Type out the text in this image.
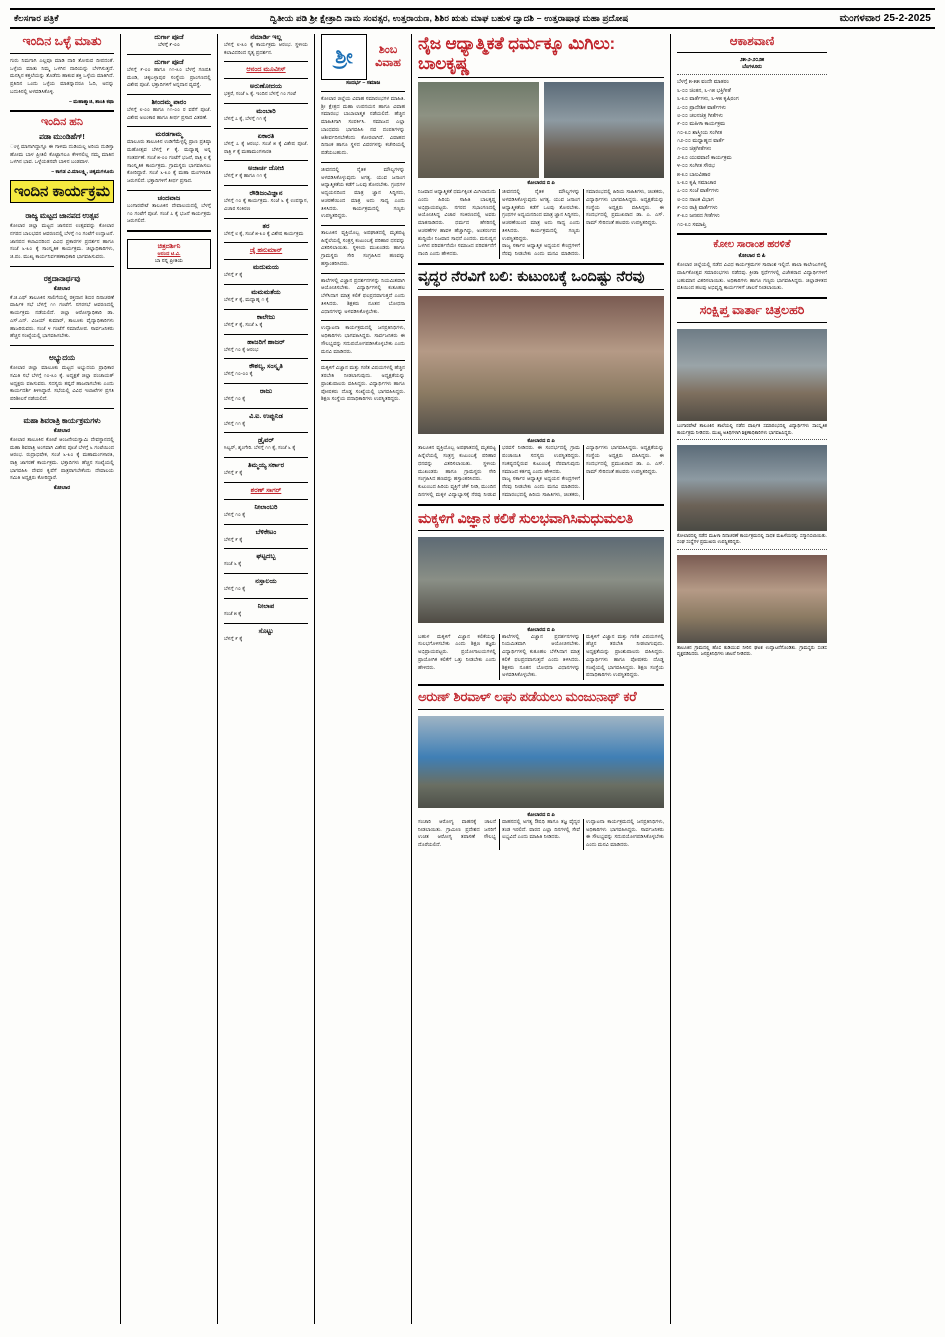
ಕೆಲಸಗಾರ ಪತ್ರಿಕೆ	ದ್ವಿತೀಯ ಪಡಿ ಶ್ರೀ ಕ್ಷೇತ್ರಾದಿ ನಾಮ ಸಂವತ್ಸರ, ಉತ್ತರಾಯಣ, ಶಿಶಿರ ಋತು ಮಾಘ ಬಹುಳ ದ್ವಾದಶಿ – ಉತ್ತರಾಷಾಢ ಮಹಾ ಪ್ರದೋಷ	ಮಂಗಳವಾರ 25-2-2025
ಇಂದಿನ ಒಳ್ಳೆ ಮಾತು
ಗುರು ನಿಮಗಾಗಿ ಎಲ್ಲವೂ ಮಾಡಿ ದಾರಿ ತೋರುವ ದೀಪದಂತೆ. ಒಳ್ಳೆಯ ಮಾತು ನಿಮ್ಮ ಒಳಗಿನ ದಾರಿಯನ್ನು ಬೆಳಗಿಸುತ್ತದೆ. ಮನಸ್ಸಿನ ಕತ್ತಲೆಯನ್ನು ತೊಡೆದು ಹಾಕುವ ಶಕ್ತಿ ಒಳ್ಳೆಯ ಮಾತಿಗಿದೆ. ಪ್ರತಿದಿನ ಒಂದು ಒಳ್ಳೆಯ ಮಾತನ್ನಾದರೂ ಓದಿ, ಅದನ್ನು ಬದುಕಿನಲ್ಲಿ ಅಳವಡಿಸಿಕೊಳ್ಳಿ.
– ಮಹಾತ್ಮಾಜಿ, ಶಾಂತಿ ಕಥಾ
ಇಂದಿನ ಹನಿ
ಪಡಾ ಮುಂಡಿಹೆಗ್!
ಂಳ್ಳ ಮಾಗಾಗಿದ್ದಾಗ್ಲೂ ಈ ಗಾಳಿಮ ದುಡಿಯಲ್ಲ ಅರಿಯ ದುಡಿಸ್ತಾ ಹೋಮ ಬಾಳ ಪ್ರೀತಿಲಿ ಕೊಟ್ಟಾಗಲೂ ಕೇಳಿಸಲಿಲ್ಲ ನಮ್ಮ ಮಾತಿನ ಒಳಗಿನ ಭಾವ. ಒಳ್ಳೆಯತನವೇ ಬಾಳಿನ ಬಂಡವಾಳ.
– ಕಾಗಡ ವಿ.ಮಾಲಕ್ಷ್ಮಿ, ಚಿಕ್ಕಮಗಳೂರು
ಇಂದಿನ ಕಾರ್ಯಕ್ರಮ
ರಾಜ್ಯ ಮಟ್ಟದ ಜಾನಪದ ಉತ್ಸವ
ಕೋಲಾರ ಜಿಲ್ಲಾ ಮಟ್ಟದ ಜಾನಪದ ಉತ್ಸವವನ್ನು ಕೋಲಾರ ನಗರದ ಬಾಲಭವನ ಆವರಣದಲ್ಲಿ ಬೆಳಗ್ಗೆ ೧೦ ಗಂಟೆಗೆ ಉದ್ಘಾಟನೆ. ಜಾನಪದ ಕಲಾವಿದರಿಂದ ವಿವಿಧ ಪ್ರಕಾರಗಳ ಪ್ರದರ್ಶನ ಹಾಗೂ ಸಂಜೆ ೬-೩೦ ಕ್ಕೆ ಸಾಂಸ್ಕೃತಿಕ ಕಾರ್ಯಕ್ರಮ. ಜಿಲ್ಲಾಧಿಕಾರಿಗಳು, ಜಿ.ಪಂ. ಮುಖ್ಯ ಕಾರ್ಯನಿರ್ವಹಣಾಧಿಕಾರಿ ಭಾಗವಹಿಸುವರು.
ರಕ್ತದಾನಾರ್ಥವು
ಕೋಲಾರ
ಕೆ.ಜಿ.ಎಫ್ ತಾಲೂಕಿನ ಸಾಲಿಗೆಯಲ್ಲಿ ರಕ್ತದಾನ ಶಿಬಿರ ದಿನಾಚರಣೆ ವಾರ್ಷಿಕ ಸಭೆ ಬೆಳಗ್ಗೆ ೧೧ ಗಂಟೆಗೆ. ನಗರಸಭೆ ಆವರಣದಲ್ಲಿ ಕಾರ್ಯಕ್ರಮ ನಡೆಯಲಿದೆ. ಜಿಲ್ಲಾ ಆರೋಗ್ಯಾಧಿಕಾರಿ ಡಾ. ಎಸ್.ಎನ್. ವಿಜಯ್ ಕುಮಾರ್, ತಾಲೂಕು ವೈದ್ಯಾಧಿಕಾರಿಗಳು ಹಾಜರಿರುವರು. ಸಂಜೆ ೪ ಗಂಟೆಗೆ ಸಮಾರೋಪ. ಸಾರ್ವಜನಿಕರು ಹೆಚ್ಚಿನ ಸಂಖ್ಯೆಯಲ್ಲಿ ಭಾಗವಹಿಸಬೇಕು.
ಅಭ್ಯುದಯ
ಕೋಲಾರ ಜಿಲ್ಲಾ ಮಾಲೂಕು ಮಟ್ಟದ ಅಭ್ಯುದಯ ಪ್ರಾಧಿಕಾರ ಸಮಿತಿ ಸಭೆ ಬೆಳಗ್ಗೆ ೧೦-೩೦ ಕ್ಕೆ. ಅಧ್ಯಕ್ಷತೆ ಜಿಲ್ಲಾ ಪಂಚಾಯತ್ ಅಧ್ಯಕ್ಷರು ವಹಿಸುವರು. ಸದಸ್ಯರು ತಪ್ಪದೆ ಹಾಜರಾಗಬೇಕು ಎಂದು ಕಾರ್ಯದರ್ಶಿ ತಿಳಿಸಿದ್ದಾರೆ. ಸಭೆಯಲ್ಲಿ ವಿವಿಧ ಇಲಾಖೆಗಳ ಪ್ರಗತಿ ಪರಿಶೀಲನೆ ನಡೆಯಲಿದೆ.
ಮಹಾ ಶಿವರಾತ್ರಿ ಕಾರ್ಯಕ್ರಮಗಳು
ಕೋಲಾರ
ಕೋಲಾರ ತಾಲೂಕಿನ ಕೋಟೆ ಆಂಜನೇಯಸ್ವಾಮಿ ದೇವಸ್ಥಾನದಲ್ಲಿ ಮಹಾ ಶಿವರಾತ್ರಿ ಅಂಗವಾಗಿ ವಿಶೇಷ ಪೂಜೆ ಬೆಳಗ್ಗೆ ೬ ಗಂಟೆಯಿಂದ ಆರಂಭ. ರುದ್ರಾಭಿಷೇಕ, ಸಂಜೆ ೬-೩೦ ಕ್ಕೆ ಮಹಾಮಂಗಳಾರತಿ, ರಾತ್ರಿ ಜಾಗರಣೆ ಕಾರ್ಯಕ್ರಮ. ಭಕ್ತಾದಿಗಳು ಹೆಚ್ಚಿನ ಸಂಖ್ಯೆಯಲ್ಲಿ ಭಾಗವಹಿಸಿ ದೇವರ ಕೃಪೆಗೆ ಪಾತ್ರರಾಗಬೇಕೆಂದು ದೇವಾಲಯ ಸಮಿತಿ ಅಧ್ಯಕ್ಷರು ಕೋರಿದ್ದಾರೆ.
ಕೋಲಾರ
ದುರ್ಗಾ ಪೂಜೆ
ಬೆಳಗ್ಗೆ ೯-೦೦
ದುರ್ಗಾ ಪೂಜೆ
ಬೆಳಗ್ಗೆ ೯-೦೦ ಹಾಗೂ ೧೧-೩೦ ಬೆಳಗ್ಗೆ ಗಣಪತಿ ಮಂಡಿ, ಚಿಕ್ಕಬಳ್ಳಾಪುರ ಸಂಸ್ಥೆಯ ಪ್ರಾಂಗಣದಲ್ಲಿ ವಿಶೇಷ ಪೂಜೆ. ಭಕ್ತಾದಿಗಳಿಗೆ ಅನ್ನದಾನ ವ್ಯವಸ್ಥೆ.
ಶೀಂದಮ್ಮ ಪಾರಂ
ಬೆಳಗ್ಗೆ ೮-೦೦ ಹಾಗೂ ೧೧-೦೦ ರ ವರೆಗೆ ಪೂಜೆ. ವಿಶೇಷ ಅಲಂಕಾರ ಹಾಗೂ ತೀರ್ಥ ಪ್ರಸಾದ ವಿತರಣೆ.
ಮರಡಗಾಮ್ಮ
ಮಾಲೂರು ತಾಲೂಕಿನ ಉಡಿಗೆಮೆಳ್ಳಲ್ಲಿ ಪ್ರಾಣ ಪ್ರತಿಷ್ಠಾ ಮಹೋತ್ಸವ ಬೆಳಗ್ಗೆ ೯ ಕ್ಕೆ. ಮಧ್ಯಾಹ್ನ ಅನ್ನ ಸಂತರ್ಪಣೆ. ಸಂಜೆ ೫-೦೦ ಗಂಟೆಗೆ ಭಜನೆ, ರಾತ್ರಿ ೮ ಕ್ಕೆ ಸಾಂಸ್ಕೃತಿಕ ಕಾರ್ಯಕ್ರಮ. ಗ್ರಾಮಸ್ಥರು ಭಾಗವಹಿಸಲು ಕೋರಿದ್ದಾರೆ. ಸಂಜೆ ೬-೩೦ ಕ್ಕೆ ಮಹಾ ಮಂಗಳಾರತಿ ಜರುಗಲಿದೆ. ಭಕ್ತಾದಿಗಳಿಗೆ ತೀರ್ಥ ಪ್ರಸಾದ.
ಚಂದವಾಜ
ಬಂಗಾರಪೇಟೆ ತಾಲೂಕಿನ ದೇವಾಲಯದಲ್ಲಿ ಬೆಳಗ್ಗೆ ೧೦ ಗಂಟೆಗೆ ಪೂಜೆ. ಸಂಜೆ ೭ ಕ್ಕೆ ಭಜನೆ ಕಾರ್ಯಕ್ರಮ ಜರುಗಲಿದೆ.
ಚಿತ್ರದರ್ಶಿನಿ
ಆನಂದ ಟಿ.ವಿ.
ಬಾ ನನ್ನ ಪ್ರೀತಿಯ
ನೆಮಾರ್ಡಿ ಇಲ್ಲ
ಬೆಳಗ್ಗೆ ೮-೩೦ ಕ್ಕೆ ಕಾರ್ಯಕ್ರಮ ಆರಂಭ. ಸ್ಥಳೀಯ ಕಲಾವಿದರಿಂದ ನೃತ್ಯ ಪ್ರದರ್ಶನ.
ಆನಂದ ಮೂವೀಸ್
ಅರುಣೋದಯ
ಭಕ್ತರೆ, ಸಂಜೆ ೬ ಕ್ಕೆ. ಇಂದಿನ ಬೆಳಗ್ಗೆ ೧೦ ಗಂಟೆ
ಮಂಬಾರಿ
ಬೆಳಗ್ಗೆ ೭ ಕ್ಕೆ, ಬೆಳಗ್ಗೆ ೧೧ ಕ್ಕೆ
ಏಕಾರತಿ
ಬೆಳಗ್ಗೆ ೭ ಕ್ಕೆ ಆರಂಭ. ಸಂಜೆ ೫ ಕ್ಕೆ ವಿಶೇಷ ಪೂಜೆ. ರಾತ್ರಿ ೯ ಕ್ಕೆ ಮಹಾಮಂಗಳಾರತಿ
ಅಜಾರ್ಚ ಜೋಜಿ
ಬೆಳಗ್ಗೆ ೯ ಕ್ಕೆ ಹಾಗೂ ೧೧ ಕ್ಕೆ
ರೌಡಿಜಂವಿಜ್ಞಾನ
ಬೆಳಗ್ಗೆ ೧೦ ಕ್ಕೆ ಕಾರ್ಯಕ್ರಮ. ಸಂಜೆ ೬ ಕ್ಕೆ ಉಪನ್ಯಾಸ, ವಿಚಾರ ಸಂಕಿರಣ
ತರ
ಬೆಳಗ್ಗೆ ೮ ಕ್ಕೆ, ಸಂಜೆ ೫-೩೦ ಕ್ಕೆ ವಿಶೇಷ ಕಾರ್ಯಕ್ರಮ
ಜೈ ಹನುಮಾನ್
ಮದುಮಯ
ಬೆಳಗ್ಗೆ ೯ ಕ್ಕೆ
ಮಮಮತೆಯ
ಬೆಳಗ್ಗೆ ೯ ಕ್ಕೆ, ಮಧ್ಯಾಹ್ನ ೧ ಕ್ಕೆ
ಕಾಲೇಜು
ಬೆಳಗ್ಗೆ ೯ ಕ್ಕೆ, ಸಂಜೆ ೬ ಕ್ಕೆ
ಹಾಜರಿಗೆ ಹಾಜರ್
ಬೆಳಗ್ಗೆ ೧೦ ಕ್ಕೆ ಆರಂಭ
ಕೌಶಲ್ಯ, ಸಂಸ್ಕೃತಿ
ಬೆಳಗ್ಗೆ ೧೦-೦೦ ಕ್ಕೆ
ರಾಜು
ಬೆಳಗ್ಗೆ ೧೦ ಕ್ಕೆ
ವಿ.ಐ. ಉಪ್ಪುನಿಡ
ಬೆಳಗ್ಗೆ ೧೧ ಕ್ಕೆ
ಡ್ರೈವರ್
ಸಿಲ್ವರ್, ಶೃಂಗೇರಿ. ಬೆಳಗ್ಗೆ ೧೧ ಕ್ಕೆ, ಸಂಜೆ ೬ ಕ್ಕೆ
ತಿಮ್ಮಯ್ಯ ಸರ್ಕಾರ
ಬೆಳಗ್ಗೆ ೯ ಕ್ಕೆ
ಶರಣ್ ಸಾಗರ್
ನೀಲಾಂಬರಿ
ಬೆಳಗ್ಗೆ ೧೦ ಕ್ಕೆ
ಬೆಳಿಕೇಟಂ
ಬೆಳಗ್ಗೆ ೯ ಕ್ಕೆ
ಘಟ್ಟದಬ್ಬ
ಸಂಜೆ ೬ ಕ್ಕೆ
ನಸ್ತಾಲಯ
ಬೆಳಗ್ಗೆ ೧೦ ಕ್ಕೆ
ನೀಲಾಪ
ಸಂಜೆ ೫ ಕ್ಕೆ
ಸೊಟ್ಟು
ಬೆಳಗ್ಗೆ ೯ ಕ್ಕೆ
ಶ್ರೀ	ಶಿಂಬ ವಿವಾಹ
ಸಂದರ್ಭ – ಸಮಾಜ
ಕೋಲಾರ ಜಿಲ್ಲೆಯ ವಿವಾಹ ಸಮಾರಂಭಗಳ ಮಾಹಿತಿ. ಶ್ರೀ ಕ್ಷೇತ್ರದ ಮಹಾ ಉಪನಯನ ಹಾಗೂ ವಿವಾಹ ಸಮಾರಂಭ ಬಾಬಾಲಾತ್ಮಕ ನಡೆಯಲಿದೆ. ಹೆಚ್ಚಿನ ಮಾಹಿತಿಗಾಗಿ ಸಂಪರ್ಕಿಸಿ. ಸಮಾಜದ ಎಲ್ಲಾ ಬಾಂಧವರು ಭಾಗವಹಿಸಿ ನವ ದಂಪತಿಗಳನ್ನು ಆಶೀರ್ವದಿಸಬೇಕೆಂದು ಕೋರಲಾಗಿದೆ. ವಿವಾಹದ ದಿನಾಂಕ ಹಾಗೂ ಸ್ಥಳದ ವಿವರಗಳನ್ನು ಕಚೇರಿಯಲ್ಲಿ ಪಡೆಯಬಹುದು.
ಜೀವನದಲ್ಲಿ ನೈತಿಕ ಮೌಲ್ಯಗಳನ್ನು ಅಳವಡಿಸಿಕೊಳ್ಳುವುದು ಅಗತ್ಯ. ಯುವ ಜನಾಂಗ ಆಧ್ಯಾತ್ಮಿಕತೆಯ ಕಡೆಗೆ ಒಲವು ತೋರಬೇಕು. ಗ್ರಂಥಗಳ ಅಧ್ಯಯನದಿಂದ ಮಾತ್ರ ಜ್ಞಾನ ಸಿದ್ಧಿಸದು, ಆಚರಣೆಯಿಂದ ಮಾತ್ರ ಅದು ಸಾಧ್ಯ ಎಂದು ತಿಳಿಸಿದರು. ಕಾರ್ಯಕ್ರಮದಲ್ಲಿ ಗಣ್ಯರು ಉಪಸ್ಥಿತರಿದ್ದರು.
ತಾಲೂಕಿನ ವ್ಯಕ್ತಿಯೊಬ್ಬ ಅಪಘಾತದಲ್ಲಿ ಮೃತಪಟ್ಟ ಹಿನ್ನೆಲೆಯಲ್ಲಿ ಸಂತ್ರಸ್ತ ಕುಟುಂಬಕ್ಕೆ ಪರಿಹಾರ ಧನವನ್ನು ವಿತರಿಸಲಾಯಿತು. ಸ್ಥಳೀಯ ಮುಖಂಡರು ಹಾಗೂ ಗ್ರಾಮಸ್ಥರು ಸೇರಿ ಸಂಗ್ರಹಿಸಿದ ಹಣವನ್ನು ಹಸ್ತಾಂತರಿಸಿದರು.
ಶಾಲೆಗಳಲ್ಲಿ ವಿಜ್ಞಾನ ಪ್ರದರ್ಶನಗಳನ್ನು ನಿಯಮಿತವಾಗಿ ಆಯೋಜಿಸಬೇಕು. ವಿದ್ಯಾರ್ಥಿಗಳಲ್ಲಿ ಕುತೂಹಲ ಬೆಳೆಸಿದಾಗ ಮಾತ್ರ ಕಲಿಕೆ ಫಲಪ್ರದವಾಗುತ್ತದೆ ಎಂದು ತಿಳಿಸಿದರು. ಶಿಕ್ಷಕರು ನೂತನ ಬೋಧನಾ ವಿಧಾನಗಳನ್ನು ಅಳವಡಿಸಿಕೊಳ್ಳಬೇಕು.
ಉದ್ಘಾಟನಾ ಕಾರ್ಯಕ್ರಮದಲ್ಲಿ ಜನಪ್ರತಿನಿಧಿಗಳು, ಅಧಿಕಾರಿಗಳು ಭಾಗವಹಿಸಿದ್ದರು. ಸಾರ್ವಜನಿಕರು ಈ ಸೌಲಭ್ಯವನ್ನು ಸದುಪಯೋಗಪಡಿಸಿಕೊಳ್ಳಬೇಕು ಎಂದು ಮನವಿ ಮಾಡಿದರು.
ಮಕ್ಕಳಿಗೆ ವಿಜ್ಞಾನ ಮತ್ತು ಗಣಿತ ವಿಷಯಗಳಲ್ಲಿ ಹೆಚ್ಚಿನ ತರಬೇತಿ ನೀಡಲಾಗುವುದು. ಅಧ್ಯಕ್ಷತೆಯನ್ನು ಪ್ರಾಂಶುಪಾಲರು ವಹಿಸಿದ್ದರು. ವಿದ್ಯಾರ್ಥಿಗಳು ಹಾಗೂ ಪೋಷಕರು ದೊಡ್ಡ ಸಂಖ್ಯೆಯಲ್ಲಿ ಭಾಗವಹಿಸಿದ್ದರು. ಶಿಕ್ಷಣ ಸಂಸ್ಥೆಯ ಪದಾಧಿಕಾರಿಗಳು ಉಪಸ್ಥಿತರಿದ್ದರು.
ನೈಜ ಆಧ್ಯಾತ್ಮಿಕತೆ ಧರ್ಮಕ್ಕೂ ಮಿಗಿಲು: ಬಾಲಕೃಷ್ಣ
ಕೋಲಾರದ ಬಿ ಪಿ
ನಿಜವಾದ ಆಧ್ಯಾತ್ಮಿಕತೆ ಧರ್ಮಕ್ಕಿಂತ ಮಿಗಿಲಾದುದು ಎಂದು ಹಿರಿಯ ಸಾಹಿತಿ ಬಾಲಕೃಷ್ಣ ಅಭಿಪ್ರಾಯಪಟ್ಟರು. ನಗರದ ಸಭಾಂಗಣದಲ್ಲಿ ಆಯೋಜಿಸಿದ್ದ ವಿಚಾರ ಸಂಕಿರಣದಲ್ಲಿ ಅವರು ಮಾತನಾಡಿದರು. ಧರ್ಮದ ಹೆಸರಿನಲ್ಲಿ ಆಚರಣೆಗಳ ಹಾವಳಿ ಹೆಚ್ಚಾಗಿದ್ದು, ಅಂತರಂಗದ ಶುದ್ಧಿಯೇ ನಿಜವಾದ ಸಾಧನೆ ಎಂದರು. ಮನುಷ್ಯನ ಒಳಗಿನ ಪರಿವರ್ತನೆಯೇ ಸಮಾಜದ ಪರಿವರ್ತನೆಗೆ ನಾಂದಿ ಎಂದು ಹೇಳಿದರು.
ಜೀವನದಲ್ಲಿ ನೈತಿಕ ಮೌಲ್ಯಗಳನ್ನು ಅಳವಡಿಸಿಕೊಳ್ಳುವುದು ಅಗತ್ಯ. ಯುವ ಜನಾಂಗ ಆಧ್ಯಾತ್ಮಿಕತೆಯ ಕಡೆಗೆ ಒಲವು ತೋರಬೇಕು. ಗ್ರಂಥಗಳ ಅಧ್ಯಯನದಿಂದ ಮಾತ್ರ ಜ್ಞಾನ ಸಿದ್ಧಿಸದು, ಆಚರಣೆಯಿಂದ ಮಾತ್ರ ಅದು ಸಾಧ್ಯ ಎಂದು ತಿಳಿಸಿದರು. ಕಾರ್ಯಕ್ರಮದಲ್ಲಿ ಗಣ್ಯರು ಉಪಸ್ಥಿತರಿದ್ದರು.
ರಾಜ್ಯ ಸರ್ಕಾರ ಆಧ್ಯಾತ್ಮಿಕ ಅಧ್ಯಯನ ಕೇಂದ್ರಗಳಿಗೆ ನೆರವು ನೀಡಬೇಕು ಎಂದು ಮನವಿ ಮಾಡಿದರು. ಸಮಾರಂಭದಲ್ಲಿ ಹಿರಿಯ ಸಾಹಿತಿಗಳು, ಚಿಂತಕರು, ವಿದ್ಯಾರ್ಥಿಗಳು ಭಾಗವಹಿಸಿದ್ದರು. ಅಧ್ಯಕ್ಷತೆಯನ್ನು ಸಂಸ್ಥೆಯ ಅಧ್ಯಕ್ಷರು ವಹಿಸಿದ್ದರು. ಈ ಸಂದರ್ಭದಲ್ಲಿ ಪ್ರಮುಖರಾದ ಡಾ. ಎ. ಎಸ್. ರಾಮ್ ಸೇರಿದಂತೆ ಹಲವರು ಉಪಸ್ಥಿತರಿದ್ದರು.
ವೃದ್ಧರ ನೆರವಿಗೆ ಬಲಿ: ಕುಟುಂಬಕ್ಕೆ ಒಂದಿಷ್ಟು ನೆರವು
ಕೋಲಾರದ ಬಿ ಪಿ
ತಾಲೂಕಿನ ವ್ಯಕ್ತಿಯೊಬ್ಬ ಅಪಘಾತದಲ್ಲಿ ಮೃತಪಟ್ಟ ಹಿನ್ನೆಲೆಯಲ್ಲಿ ಸಂತ್ರಸ್ತ ಕುಟುಂಬಕ್ಕೆ ಪರಿಹಾರ ಧನವನ್ನು ವಿತರಿಸಲಾಯಿತು. ಸ್ಥಳೀಯ ಮುಖಂಡರು ಹಾಗೂ ಗ್ರಾಮಸ್ಥರು ಸೇರಿ ಸಂಗ್ರಹಿಸಿದ ಹಣವನ್ನು ಹಸ್ತಾಂತರಿಸಿದರು.
ಕುಟುಂಬದ ಹಿರಿಯ ವ್ಯಕ್ತಿಗೆ ಚೆಕ್ ನೀಡಿ, ಮುಂದಿನ ದಿನಗಳಲ್ಲಿ ಮಕ್ಕಳ ವಿದ್ಯಾಭ್ಯಾಸಕ್ಕೆ ನೆರವು ನೀಡುವ ಭರವಸೆ ನೀಡಿದರು. ಈ ಸಂದರ್ಭದಲ್ಲಿ ಗ್ರಾಮ ಪಂಚಾಯಿತಿ ಸದಸ್ಯರು ಉಪಸ್ಥಿತರಿದ್ದರು. ಸಂಕಷ್ಟದಲ್ಲಿರುವ ಕುಟುಂಬಕ್ಕೆ ನೆರವಾಗುವುದು ಸಮಾಜದ ಕರ್ತವ್ಯ ಎಂದು ಹೇಳಿದರು.
ರಾಜ್ಯ ಸರ್ಕಾರ ಆಧ್ಯಾತ್ಮಿಕ ಅಧ್ಯಯನ ಕೇಂದ್ರಗಳಿಗೆ ನೆರವು ನೀಡಬೇಕು ಎಂದು ಮನವಿ ಮಾಡಿದರು. ಸಮಾರಂಭದಲ್ಲಿ ಹಿರಿಯ ಸಾಹಿತಿಗಳು, ಚಿಂತಕರು, ವಿದ್ಯಾರ್ಥಿಗಳು ಭಾಗವಹಿಸಿದ್ದರು. ಅಧ್ಯಕ್ಷತೆಯನ್ನು ಸಂಸ್ಥೆಯ ಅಧ್ಯಕ್ಷರು ವಹಿಸಿದ್ದರು. ಈ ಸಂದರ್ಭದಲ್ಲಿ ಪ್ರಮುಖರಾದ ಡಾ. ಎ. ಎಸ್. ರಾಮ್ ಸೇರಿದಂತೆ ಹಲವರು ಉಪಸ್ಥಿತರಿದ್ದರು.
ಮಕ್ಕಳಿಗೆ ವಿಜ್ಞಾನ ಕಲಿಕೆ ಸುಲಭವಾಗಿಸಿಮಧುಮಲತಿ
ಕೋಲಾರದ ಬಿ ಪಿ
ಬಹುಳ ಮಕ್ಕಳಿಗೆ ವಿಜ್ಞಾನ ಕಲಿಕೆಯನ್ನು ಸುಲಭಗೊಳಿಸಬೇಕು ಎಂದು ಶಿಕ್ಷಣ ತಜ್ಞರು ಅಭಿಪ್ರಾಯಪಟ್ಟರು. ಪ್ರಯೋಗಾಲಯಗಳಲ್ಲಿ ಪ್ರಾಯೋಗಿಕ ಕಲಿಕೆಗೆ ಒತ್ತು ನೀಡಬೇಕು ಎಂದು ಹೇಳಿದರು.
ಶಾಲೆಗಳಲ್ಲಿ ವಿಜ್ಞಾನ ಪ್ರದರ್ಶನಗಳನ್ನು ನಿಯಮಿತವಾಗಿ ಆಯೋಜಿಸಬೇಕು. ವಿದ್ಯಾರ್ಥಿಗಳಲ್ಲಿ ಕುತೂಹಲ ಬೆಳೆಸಿದಾಗ ಮಾತ್ರ ಕಲಿಕೆ ಫಲಪ್ರದವಾಗುತ್ತದೆ ಎಂದು ತಿಳಿಸಿದರು. ಶಿಕ್ಷಕರು ನೂತನ ಬೋಧನಾ ವಿಧಾನಗಳನ್ನು ಅಳವಡಿಸಿಕೊಳ್ಳಬೇಕು.
ಮಕ್ಕಳಿಗೆ ವಿಜ್ಞಾನ ಮತ್ತು ಗಣಿತ ವಿಷಯಗಳಲ್ಲಿ ಹೆಚ್ಚಿನ ತರಬೇತಿ ನೀಡಲಾಗುವುದು. ಅಧ್ಯಕ್ಷತೆಯನ್ನು ಪ್ರಾಂಶುಪಾಲರು ವಹಿಸಿದ್ದರು. ವಿದ್ಯಾರ್ಥಿಗಳು ಹಾಗೂ ಪೋಷಕರು ದೊಡ್ಡ ಸಂಖ್ಯೆಯಲ್ಲಿ ಭಾಗವಹಿಸಿದ್ದರು. ಶಿಕ್ಷಣ ಸಂಸ್ಥೆಯ ಪದಾಧಿಕಾರಿಗಳು ಉಪಸ್ಥಿತರಿದ್ದರು.
ಅರುಣ್ ಶಿರವಾಳ್ ಲಘು ಪಡೆಯಲು ಮಂಜುನಾಥ್ ಕರೆ
ಕೋಲಾರದ ಬಿ ಪಿ
ಸಂಚಾರಿ ಆರೋಗ್ಯ ವಾಹನಕ್ಕೆ ಚಾಲನೆ ನೀಡಲಾಯಿತು. ಗ್ರಾಮೀಣ ಪ್ರದೇಶದ ಜನರಿಗೆ ಉಚಿತ ಆರೋಗ್ಯ ತಪಾಸಣೆ ಸೌಲಭ್ಯ ದೊರೆಯಲಿದೆ.
ವಾಹನದಲ್ಲಿ ಅಗತ್ಯ ಔಷಧಿ ಹಾಗೂ ತಜ್ಞ ವೈದ್ಯರ ತಂಡ ಇರಲಿದೆ. ವಾರದ ಎಲ್ಲಾ ದಿನಗಳಲ್ಲಿ ಸೇವೆ ಲಭ್ಯವಿದೆ ಎಂದು ಮಾಹಿತಿ ನೀಡಿದರು.
ಉದ್ಘಾಟನಾ ಕಾರ್ಯಕ್ರಮದಲ್ಲಿ ಜನಪ್ರತಿನಿಧಿಗಳು, ಅಧಿಕಾರಿಗಳು ಭಾಗವಹಿಸಿದ್ದರು. ಸಾರ್ವಜನಿಕರು ಈ ಸೌಲಭ್ಯವನ್ನು ಸದುಪಯೋಗಪಡಿಸಿಕೊಳ್ಳಬೇಕು ಎಂದು ಮನವಿ ಮಾಡಿದರು.
ಆಕಾಶವಾಣಿ
೨೫-೨-೨೦೨೫
ಬೆಂಗಳೂರು
ಬೆಳಗ್ಗೆ ೫-೫೫ ವಂದೇ ಮಾತರಂ
೬-೦೦ ಚಿಂತನ, ೬-೧೫ ಭಕ್ತಿಗೀತೆ
೬-೩೦ ವಾರ್ತೆಗಳು, ೬-೪೫ ಕೃಷಿರಂಗ
೭-೦೦ ಪ್ರಾದೇಶಿಕ ವಾರ್ತೆಗಳು
೮-೦೦ ಚಲನಚಿತ್ರ ಗೀತೆಗಳು
೯-೦೦ ಮಹಿಳಾ ಕಾರ್ಯಕ್ರಮ
೧೦-೩೦ ಶಾಸ್ತ್ರೀಯ ಸಂಗೀತ
೧೨-೦೦ ಮಧ್ಯಾಹ್ನದ ವಾರ್ತೆ
೧-೦೦ ಚಿತ್ರಗೀತೆಗಳು
೨-೩೦ ಯುವವಾಣಿ ಕಾರ್ಯಕ್ರಮ
೪-೦೦ ಸಂಗೀತ ಸೌರಭ
೫-೩೦ ಬಾಲವಿಹಾರ
೬-೩೦ ಕೃಷಿ ಸಮಾಚಾರ
೭-೦೦ ಸಂಜೆ ವಾರ್ತೆಗಳು
೮-೦೦ ನಾಟಕ ವಿಭಾಗ
೯-೦೦ ರಾತ್ರಿ ವಾರ್ತೆಗಳು
೯-೩೦ ಜನಪದ ಗೀತೆಗಳು
೧೦-೩೦ ಸಮಾಪ್ತಿ
ಕೋಲ ಸಾರಾಂಶ ಹರಳಿತೆ
ಕೋಲಾರ ಬಿ ಪಿ
ಕೋಲಾರ ಜಿಲ್ಲೆಯಲ್ಲಿ ನಡೆದ ವಿವಿಧ ಕಾರ್ಯಕ್ರಮಗಳ ಸಾರಾಂಶ ಇಲ್ಲಿದೆ. ಶಾಲಾ ಕಾಲೇಜುಗಳಲ್ಲಿ ವಾರ್ಷಿಕೋತ್ಸವ ಸಮಾರಂಭಗಳು ನಡೆದವು. ಕ್ರೀಡಾ ಸ್ಪರ್ಧೆಗಳಲ್ಲಿ ವಿಜೇತರಾದ ವಿದ್ಯಾರ್ಥಿಗಳಿಗೆ ಬಹುಮಾನ ವಿತರಿಸಲಾಯಿತು. ಅಧಿಕಾರಿಗಳು ಹಾಗೂ ಗಣ್ಯರು ಭಾಗವಹಿಸಿದ್ದರು. ಜಿಲ್ಲಾಡಳಿತದ ವತಿಯಿಂದ ಹಲವು ಅಭಿವೃದ್ಧಿ ಕಾರ್ಯಗಳಿಗೆ ಚಾಲನೆ ನೀಡಲಾಯಿತು.
ಸಂಕ್ಷಿಪ್ತ ವಾರ್ತಾ ಚಿತ್ರಲಹರಿ
ಬಂಗಾರಪೇಟೆ ತಾಲೂಕಿನ ಶಾಲೆಯಲ್ಲಿ ನಡೆದ ವಾರ್ಷಿಕ ಸಮಾರಂಭದಲ್ಲಿ ವಿದ್ಯಾರ್ಥಿಗಳು ಸಾಂಸ್ಕೃತಿಕ ಕಾರ್ಯಕ್ರಮ ನೀಡಿದರು. ಮುಖ್ಯ ಅತಿಥಿಗಳಾಗಿ ಶಿಕ್ಷಣಾಧಿಕಾರಿಗಳು ಭಾಗವಹಿಸಿದ್ದರು.
ಕೋಲಾರದಲ್ಲಿ ನಡೆದ ಮಹಿಳಾ ದಿನಾಚರಣೆ ಕಾರ್ಯಕ್ರಮದಲ್ಲಿ ಸಾಧಕ ಮಹಿಳೆಯರನ್ನು ಸನ್ಮಾನಿಸಲಾಯಿತು. ಸಂಘ ಸಂಸ್ಥೆಗಳ ಪ್ರಮುಖರು ಉಪಸ್ಥಿತರಿದ್ದರು.
ತಾಲೂಕಿನ ಗ್ರಾಮದಲ್ಲಿ ಹೊಸ ಕುಡಿಯುವ ನೀರಿನ ಘಟಕ ಉದ್ಘಾಟನೆಗೊಂಡಿತು. ಗ್ರಾಮಸ್ಥರು ಸಂತಸ ವ್ಯಕ್ತಪಡಿಸಿದರು. ಜನಪ್ರತಿನಿಧಿಗಳು ಚಾಲನೆ ನೀಡಿದರು.
